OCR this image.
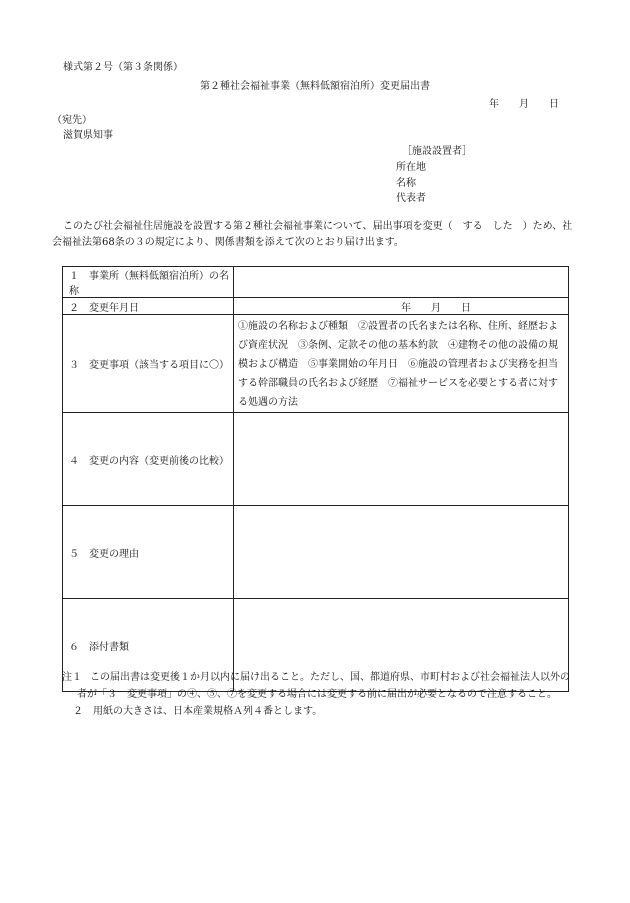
様式第２号（第３条関係）
第２種社会福祉事業（無料低額宿泊所）変更届出書
年　　月　　日
（宛先）
滋賀県知事
［施設設置者］
所在地
名称
代表者
このたび社会福祉住居施設を設置する第２種社会福祉事業について、届出事項を変更（　する　した　）ため、社
会福祉法第68条の３の規定により、関係書類を添えて次のとおり届け出ます。
１　事業所（無料低額宿泊所）の名称	
２　変更年月日	年　　月　　日
３　変更事項（該当する項目に〇）	①施設の名称および種類　②設置者の氏名または名称、住所、経歴および資産状況　③条例、定款その他の基本約款　④建物その他の設備の規模および構造　⑤事業開始の年月日　⑥施設の管理者および実務を担当する幹部職員の氏名および経歴　⑦福祉サービスを必要とする者に対する処遇の方法
４　変更の内容（変更前後の比較）	
５　変更の理由	
６　添付書類	
注１ この届出書は変更後１か月以内に届け出ること。ただし、国、都道府県、市町村および社会福祉法人以外の
者が「３　変更事項」の④、⑤、⑦を変更する場合には変更する前に届出が必要となるので注意すること。
２　用紙の大きさは、日本産業規格Ａ列４番とします。
